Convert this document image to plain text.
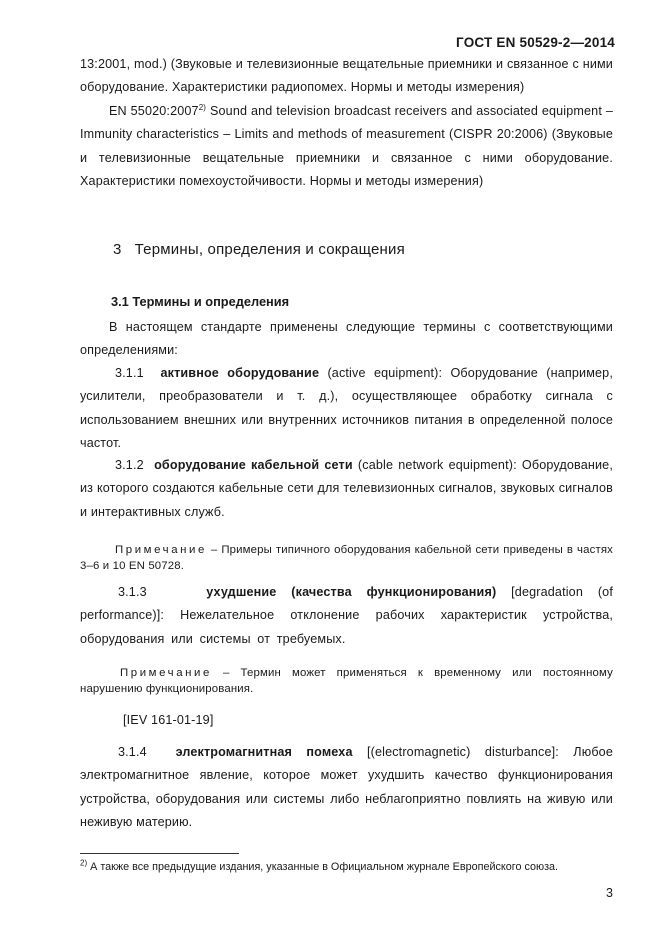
ГОСТ EN 50529-2—2014
13:2001, mod.) (Звуковые и телевизионные вещательные приемники и связанное с ними оборудование. Характеристики радиопомех. Нормы и методы измерения)
EN 55020:2007$^{2)}$ Sound and television broadcast receivers and associated equipment – Immunity characteristics – Limits and methods of measurement (CISPR 20:2006) (Звуковые и телевизионные вещательные приемники и связанное с ними оборудование. Характеристики помехоустойчивости. Нормы и методы измерения)
3 Термины, определения и сокращения
3.1 Термины и определения
В настоящем стандарте применены следующие термины с соответствующими определениями:
3.1.1 активное оборудование (active equipment): Оборудование (например, усилители, преобразователи и т. д.), осуществляющее обработку сигнала с использованием внешних или внутренних источников питания в определенной полосе частот.
3.1.2 оборудование кабельной сети (cable network equipment): Оборудование, из которого создаются кабельные сети для телевизионных сигналов, звуковых сигналов и интерактивных служб.
Примечание – Примеры типичного оборудования кабельной сети приведены в частях 3–6 и 10 EN 50728.
3.1.3	ухудшение (качества функционирования) [degradation (of performance)]: Нежелательное отклонение рабочих характеристик устройства, оборудования или системы от требуемых.
Примечание – Термин может применяться к временному или постоянному нарушению функционирования.
[IEV 161-01-19]
3.1.4 электромагнитная помеха [(electromagnetic) disturbance]: Любое электромагнитное явление, которое может ухудшить качество функционирования устройства, оборудования или системы либо неблагоприятно повлиять на живую или неживую материю.
$^{2)}$ А также все предыдущие издания, указанные в Официальном журнале Европейского союза.
3
